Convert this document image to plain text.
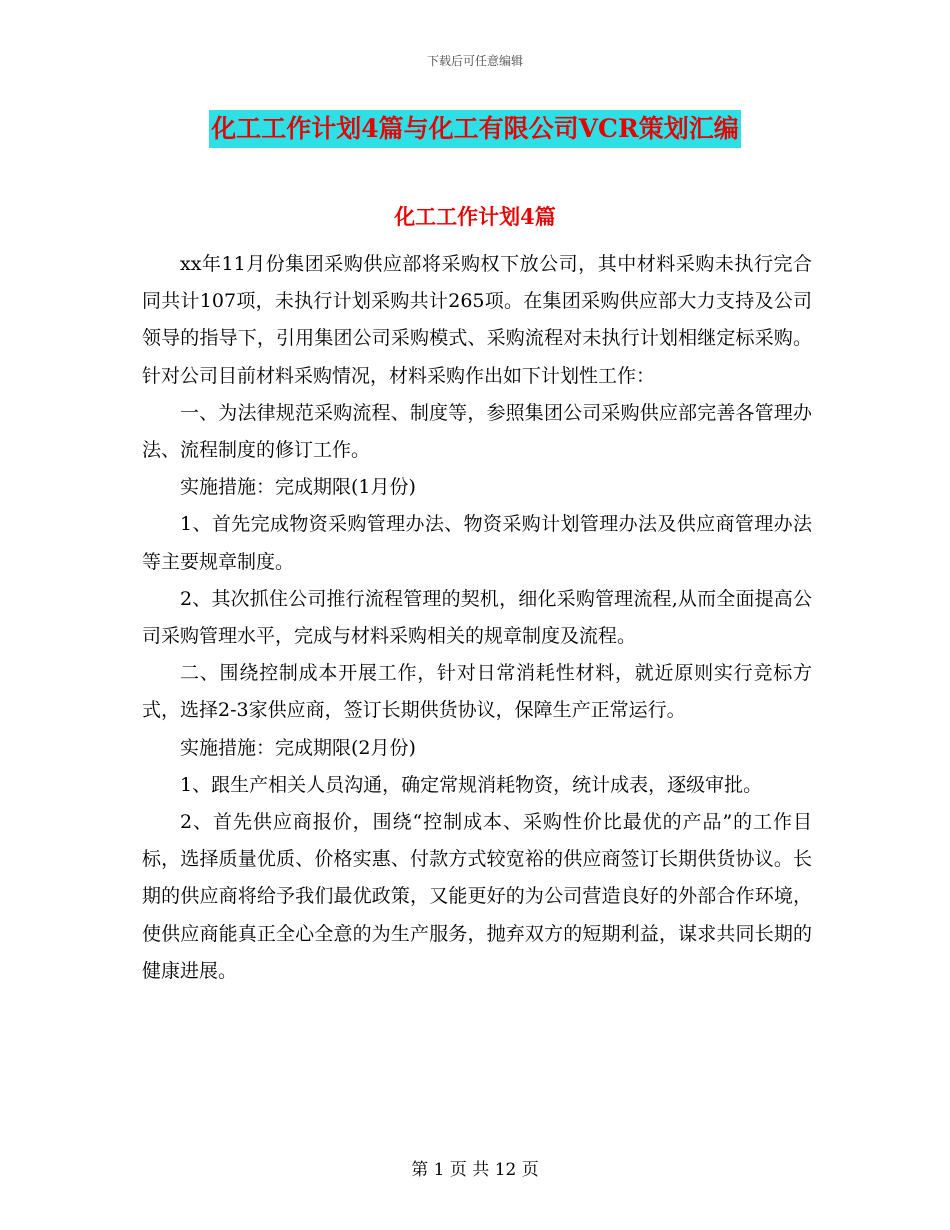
下载后可任意编辑
化工工作计划4篇与化工有限公司VCR策划汇编
化工工作计划4篇

xx年11月份集团采购供应部将采购权下放公司，其中材料采购未执行完合同共计107项，未执行计划采购共计265项。在集团采购供应部大力支持及公司领导的指导下，引用集团公司采购模式、采购流程对未执行计划相继定标采购。针对公司目前材料采购情况，材料采购作出如下计划性工作：

一、为法律规范采购流程、制度等，参照集团公司采购供应部完善各管理办法、流程制度的修订工作。

实施措施：完成期限(1月份)

1、首先完成物资采购管理办法、物资采购计划管理办法及供应商管理办法等主要规章制度。

2、其次抓住公司推行流程管理的契机，细化采购管理流程,从而全面提高公司采购管理水平，完成与材料采购相关的规章制度及流程。

二、围绕控制成本开展工作，针对日常消耗性材料，就近原则实行竞标方式，选择2-3家供应商，签订长期供货协议，保障生产正常运行。

实施措施：完成期限(2月份)

1、跟生产相关人员沟通，确定常规消耗物资，统计成表，逐级审批。

2、首先供应商报价，围绕“控制成本、采购性价比最优的产品”的工作目标，选择质量优质、价格实惠、付款方式较宽裕的供应商签订长期供货协议。长期的供应商将给予我们最优政策，又能更好的为公司营造良好的外部合作环境，使供应商能真正全心全意的为生产服务，抛弃双方的短期利益，谋求共同长期的健康进展。

第 1 页 共 12 页
